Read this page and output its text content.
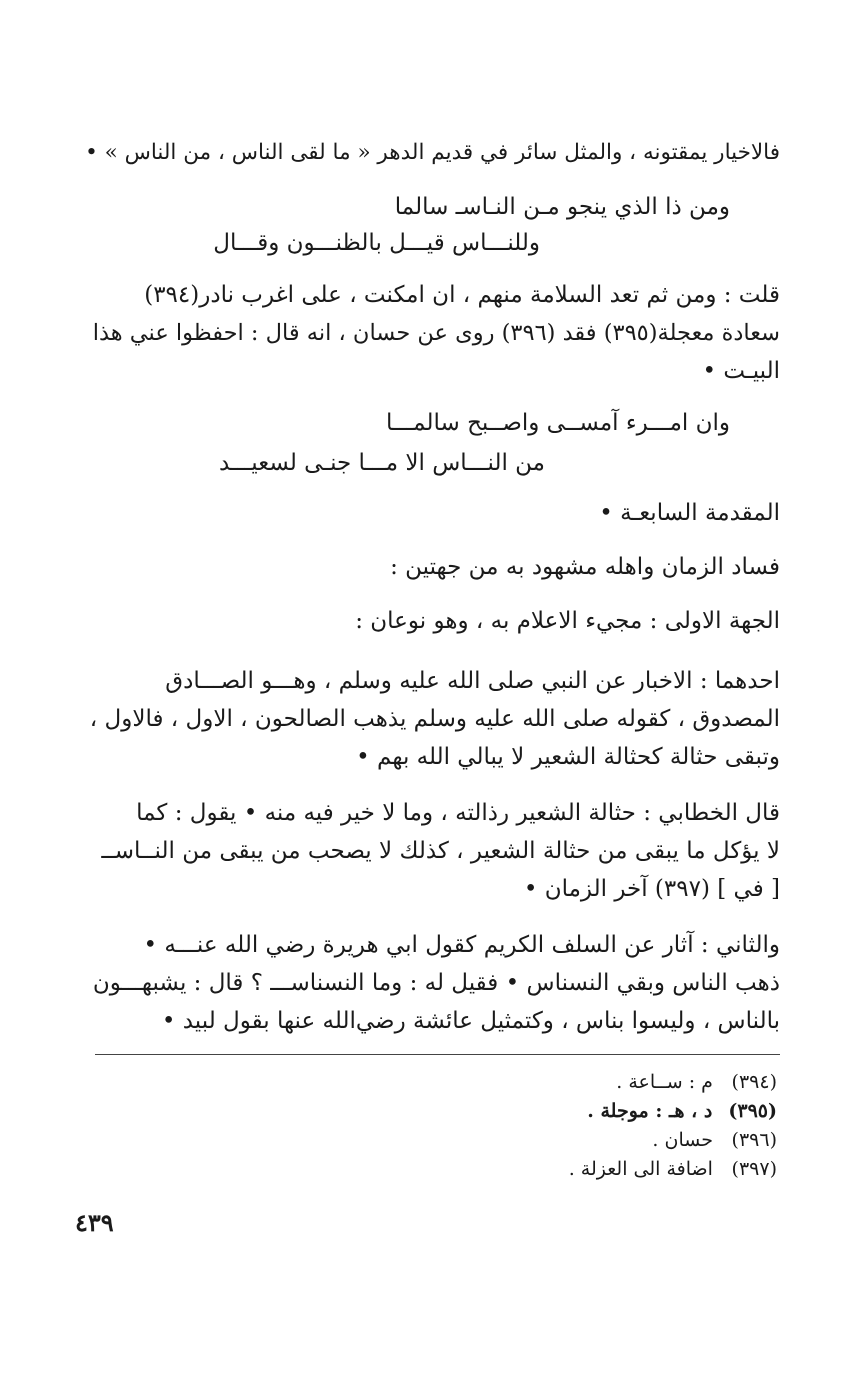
فالاخيار يمقتونه ، والمثل سائر في قديم الدهر « ما لقى الناس ، من الناس » •
ومن ذا الذي ينجو مـن النـاسـ سالما
وللنـــاس قيـــل بالظنـــون وقـــال
قلت : ومن ثم تعد السلامة منهم ، ان امكنت ، على اغرب نادر(٣٩٤)
سعادة معجلة(٣٩٥) فقد (٣٩٦) روى عن حسان ، انه قال : احفظوا عني هذا
البيـت •
وان امـــرء آمســى واصــبح سالمـــا
من النـــاس الا مـــا جنـى لسعيـــد
المقدمة السابعـة •
فساد الزمان واهله مشهود به من جهتين :
الجهة الاولى : مجيء الاعلام به ، وهو نوعان :
احدهما : الاخبار عن النبي صلى الله عليه وسلم ، وهـــو الصـــادق
المصدوق ، كقوله صلى الله عليه وسلم يذهب الصالحون ، الاول ، فالاول ،
وتبقى حثالة كحثالة الشعير لا يبالي الله بهم •
قال الخطابي : حثالة الشعير رذالته ، وما لا خير فيه منه • يقول : كما
لا يؤكل ما يبقى من حثالة الشعير ، كذلك لا يصحب من يبقى من النــاســ
[ في ] (٣٩٧) آخر الزمان •
والثاني : آثار عن السلف الكريم كقول ابي هريرة رضي الله عنـــه •
ذهب الناس وبقي النسناس • فقيل له : وما النسناســـ ؟ قال : يشبهـــون
بالناس ، وليسوا بناس ، وكتمثيل عائشة رضي‌الله عنها بقول لبيد •
(٣٩٤) م : ســاعة .
(٣٩٥) د ، هـ : موجلة .
(٣٩٦) حسان .
(٣٩٧) اضافة الى العزلة .
٤٣٩
